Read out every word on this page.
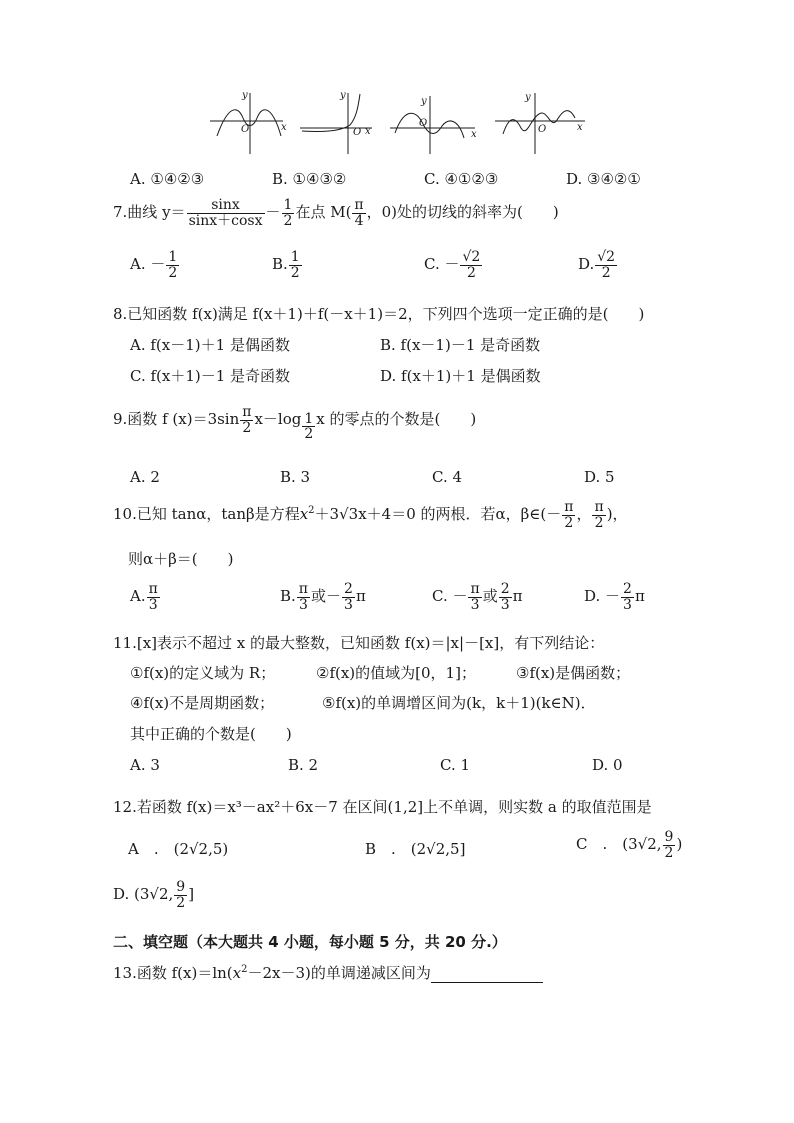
y
x
O
y
x
O
y
x
O
y
x
O
A. ①④②③	B. ①④③②	C. ④①②③	D. ③④②①
7.曲线 $y= \frac{\sin x}{\sin x+\cos x} - \frac{1}{2}$ 在点 $M( \frac{\pi}{4}$ ，0)处的切线的斜率为(　　)
A. － $\frac{1}{2}$	B. $\frac{1}{2}$	C. － $\frac{√2}{2}$	D. $\frac{√2}{2}$
8.已知函数 f(x)满足 f(x＋1)＋f(－x＋1)＝2，下列四个选项一定正确的是(　　)
A. f(x－1)＋1 是偶函数	B. f(x－1)－1 是奇函数
C. f(x＋1)－1 是奇函数	D. f(x＋1)＋1 是偶函数
9.函数 f $(x)=3\sin \frac{\pi}{2} x-\log \frac{1}{2}$ x 的零点的个数是(　　)
A. 2	B. 3	C. 4	D. 5
10.已知 tanα，tanβ是方程$x^2+3√3x+4=0$ 的两根．若α，β∈(－ $\frac{\pi}{2}$ ， $\frac{\pi}{2}$ )，
则α＋β＝(　　)
A. $\frac{\pi}{3}$	B. $\frac{\pi}{3}$ 或－ $\frac{2}{3}$ π	C. － $\frac{\pi}{3}$ 或 $\frac{2}{3}$ π	D. － $\frac{2}{3}$ π
11.[x]表示不超过 x 的最大整数，已知函数 f(x)＝|x|－[x]，有下列结论：
①f(x)的定义域为 R；	②f(x)的值域为[0，1]；	③f(x)是偶函数；
④f(x)不是周期函数；	⑤f(x)的单调增区间为(k，k＋1)(k∈N)．
其中正确的个数是(　　)
A. 3	B. 2	C. 1	D. 0
12.若函数 f(x)＝x³－ax²＋6x－7 在区间(1,2]上不单调，则实数 a 的取值范围是
A　.　(2√2,5)	B　.　(2√2,5]	C　.　(3√2, $\frac{9}{2}$ )
D. (3√2, $\frac{9}{2}$ ]
二、填空题（本大题共 4 小题，每小题 5 分，共 20 分.）
13.函数 $f(x)=\ln(x^2-2x-3)$的单调递减区间为
